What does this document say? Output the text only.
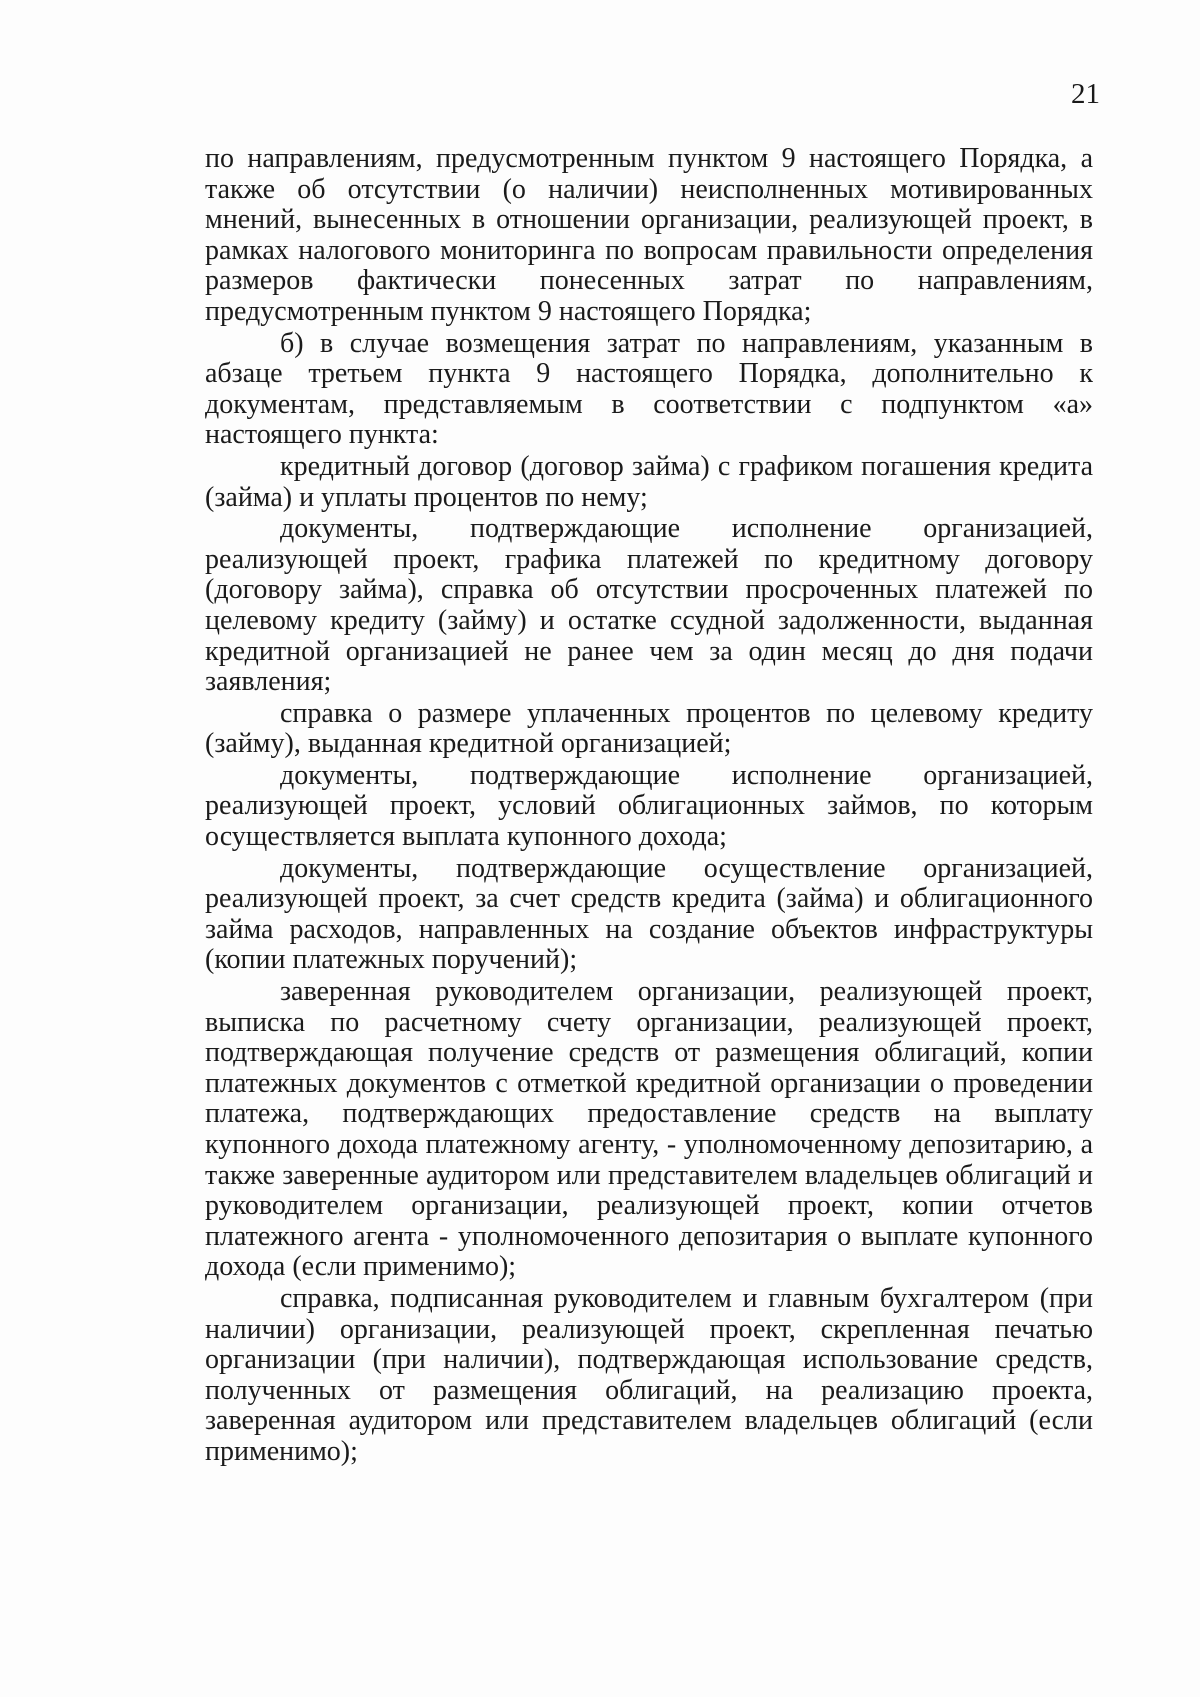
21

по направлениям, предусмотренным пунктом 9 настоящего Порядка, а также об отсутствии (о наличии) неисполненных мотивированных мнений, вынесенных в отношении организации, реализующей проект, в рамках налогового мониторинга по вопросам правильности определения размеров фактически понесенных затрат по направлениям, предусмотренным пунктом 9 настоящего Порядка;

б) в случае возмещения затрат по направлениям, указанным в абзаце третьем пункта 9 настоящего Порядка, дополнительно к документам, представляемым в соответствии с подпунктом «а» настоящего пункта:

кредитный договор (договор займа) с графиком погашения кредита (займа) и уплаты процентов по нему;

документы, подтверждающие исполнение организацией, реализующей проект, графика платежей по кредитному договору (договору займа), справка об отсутствии просроченных платежей по целевому кредиту (займу) и остатке ссудной задолженности, выданная кредитной организацией не ранее чем за один месяц до дня подачи заявления;

справка о размере уплаченных процентов по целевому кредиту (займу), выданная кредитной организацией;

документы, подтверждающие исполнение организацией, реализующей проект, условий облигационных займов, по которым осуществляется выплата купонного дохода;

документы, подтверждающие осуществление организацией, реализующей проект, за счет средств кредита (займа) и облигационного займа расходов, направленных на создание объектов инфраструктуры (копии платежных поручений);

заверенная руководителем организации, реализующей проект, выписка по расчетному счету организации, реализующей проект, подтверждающая получение средств от размещения облигаций, копии платежных документов с отметкой кредитной организации о проведении платежа, подтверждающих предоставление средств на выплату купонного дохода платежному агенту, - уполномоченному депозитарию, а также заверенные аудитором или представителем владельцев облигаций и руководителем организации, реализующей проект, копии отчетов платежного агента - уполномоченного депозитария о выплате купонного дохода (если применимо);

справка, подписанная руководителем и главным бухгалтером (при наличии) организации, реализующей проект, скрепленная печатью организации (при наличии), подтверждающая использование средств, полученных от размещения облигаций, на реализацию проекта, заверенная аудитором или представителем владельцев облигаций (если применимо);
